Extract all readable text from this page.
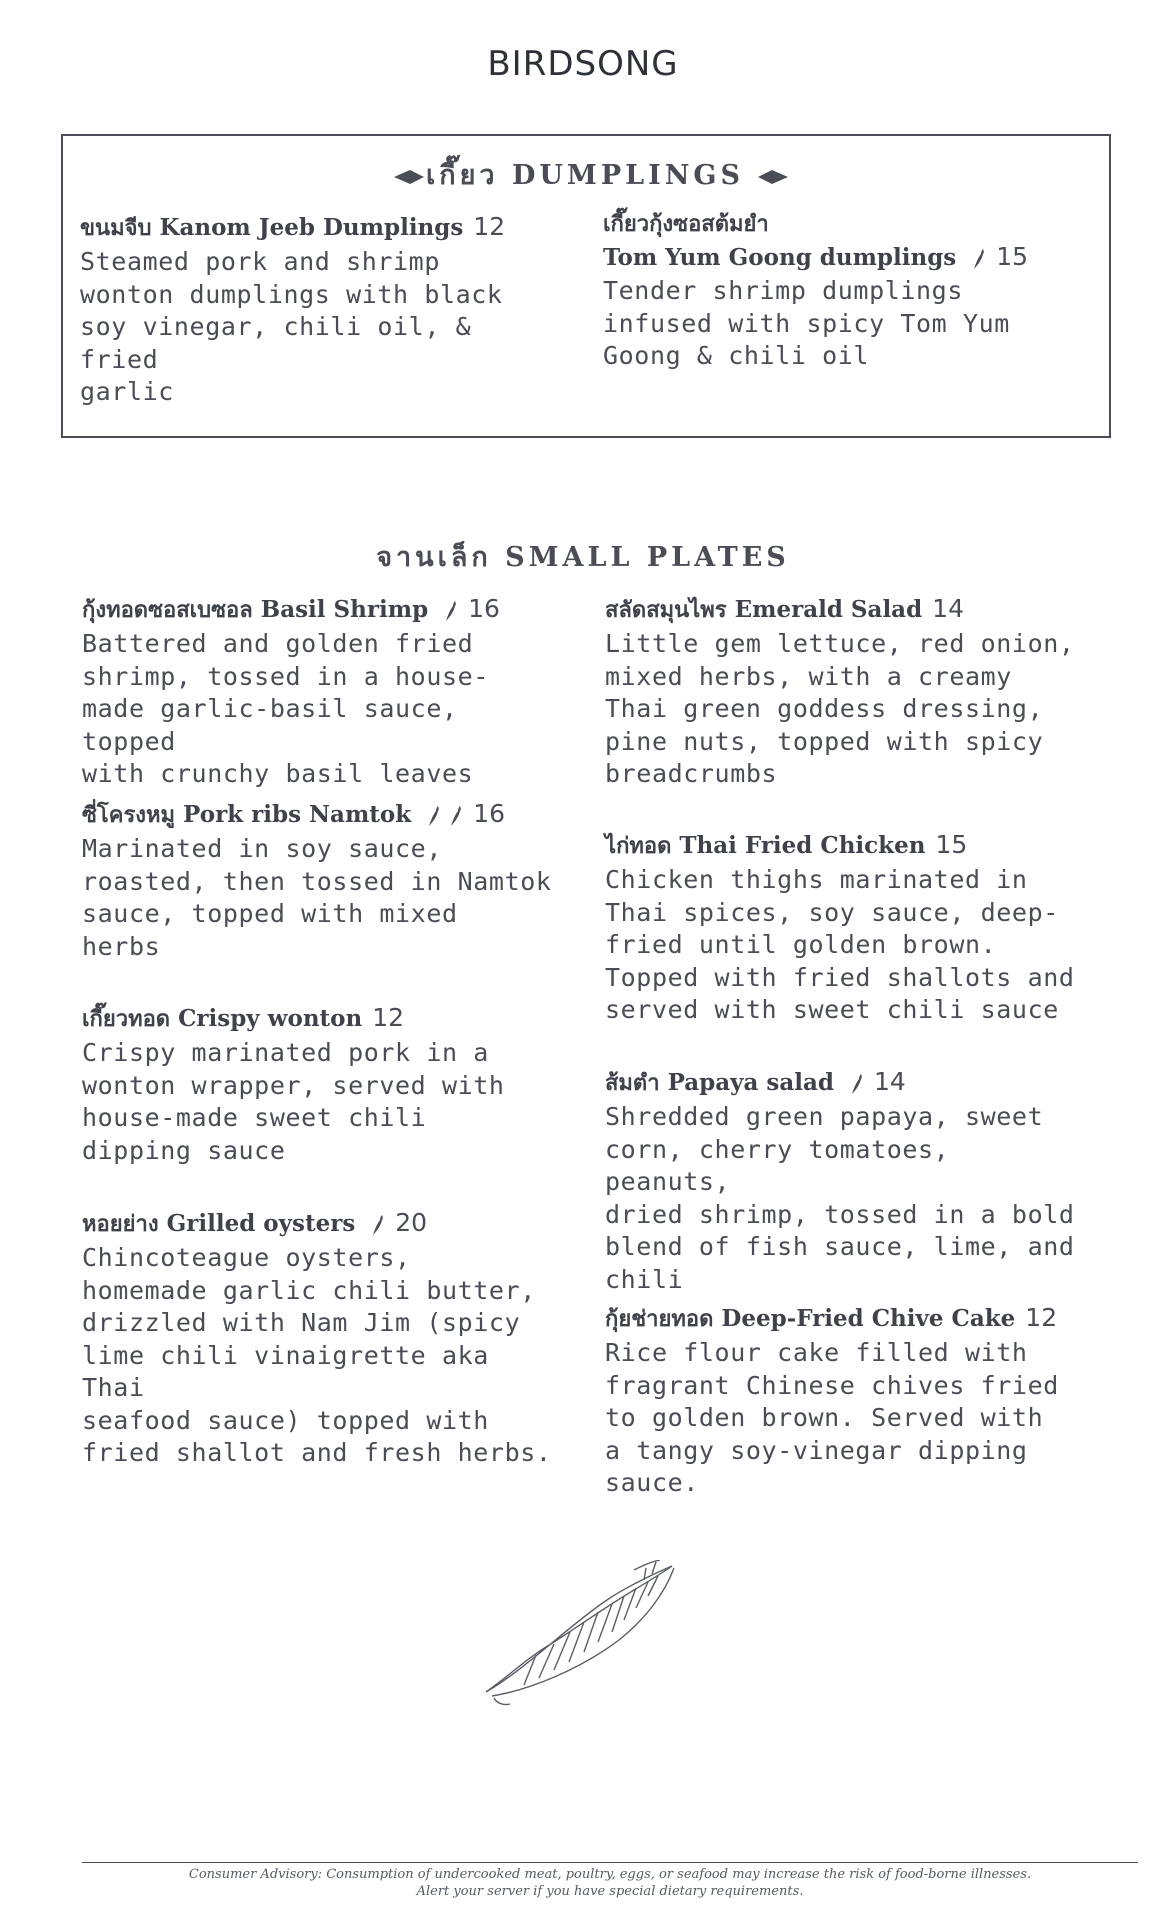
BIRDSONG
เกี๊ยว DUMPLINGS
จานเล็ก SMALL PLATES
ขนมจีบ Kanom Jeeb Dumplings 12
Steamed pork and shrimp
wonton dumplings with black
soy vinegar, chili oil, & fried
garlic
เกี๊ยวกุ้งซอสต้มยำ
Tom Yum Goong dumplings 15
Tender shrimp dumplings
infused with spicy Tom Yum
Goong & chili oil
กุ้งทอดซอสเบซอล Basil Shrimp 16
Battered and golden fried
shrimp, tossed in a house-
made garlic-basil sauce, topped
with crunchy basil leaves
ซี่โครงหมู Pork ribs Namtok 16
Marinated in soy sauce,
roasted, then tossed in Namtok
sauce, topped with mixed
herbs
เกี๊ยวทอด Crispy wonton 12
Crispy marinated pork in a
wonton wrapper, served with
house-made sweet chili
dipping sauce
หอยย่าง Grilled oysters 20
Chincoteague oysters,
homemade garlic chili butter,
drizzled with Nam Jim (spicy
lime chili vinaigrette aka Thai
seafood sauce) topped with
fried shallot and fresh herbs.
สลัดสมุนไพร Emerald Salad 14
Little gem lettuce, red onion,
mixed herbs, with a creamy
Thai green goddess dressing,
pine nuts, topped with spicy
breadcrumbs
ไก่ทอด Thai Fried Chicken 15
Chicken thighs marinated in
Thai spices, soy sauce, deep-
fried until golden brown.
Topped with fried shallots and
served with sweet chili sauce
ส้มตำ Papaya salad 14
Shredded green papaya, sweet
corn, cherry tomatoes, peanuts,
dried shrimp, tossed in a bold
blend of fish sauce, lime, and
chili
กุ้ยช่ายทอด Deep-Fried Chive Cake 12
Rice flour cake filled with
fragrant Chinese chives fried
to golden brown. Served with
a tangy soy-vinegar dipping
sauce.
Consumer Advisory: Consumption of undercooked meat, poultry, eggs, or seafood may increase the risk of food-borne illnesses.
Alert your server if you have special dietary requirements.
